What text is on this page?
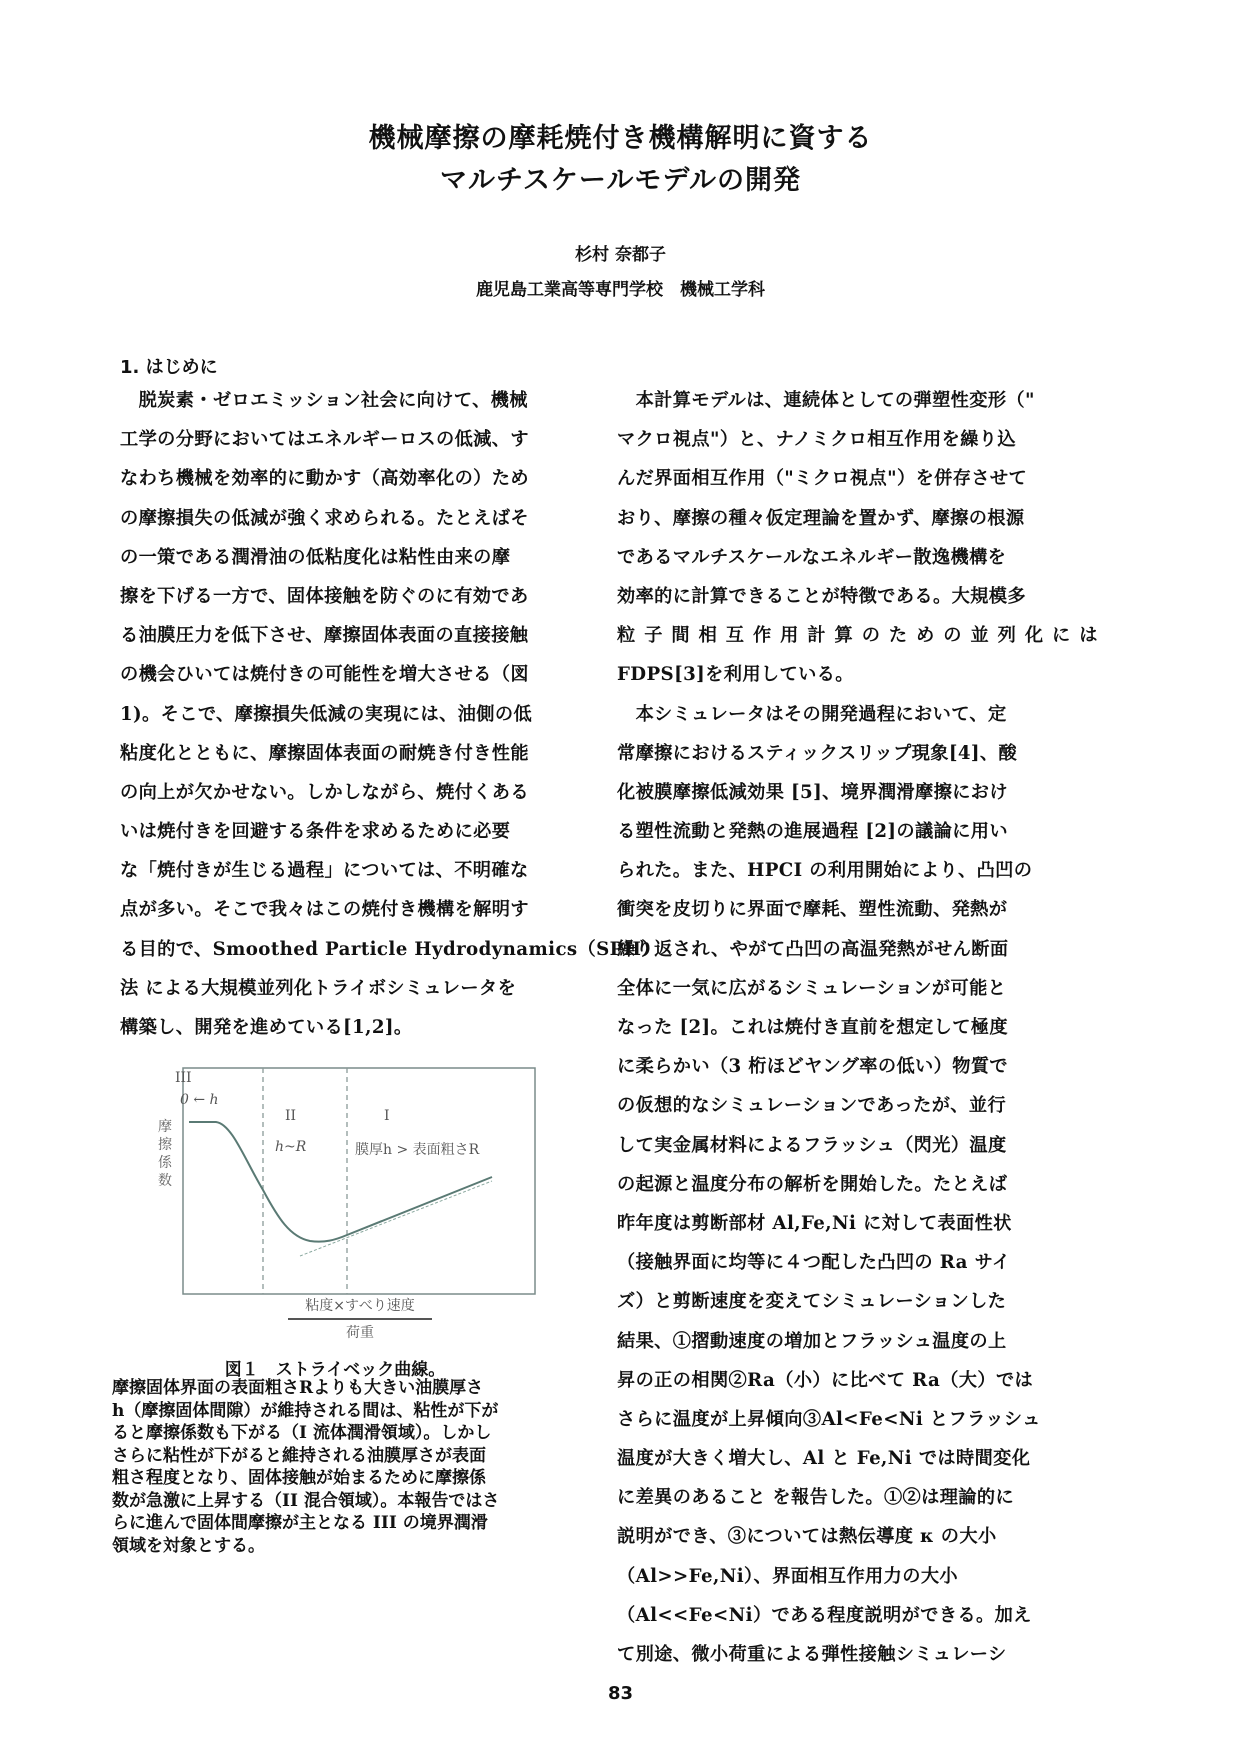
機械摩擦の摩耗焼付き機構解明に資する
マルチスケールモデルの開発
杉村 奈都子
鹿児島工業高等専門学校　機械工学科
1. はじめに
　脱炭素・ゼロエミッション社会に向けて、機械
工学の分野においてはエネルギーロスの低減、す
なわち機械を効率的に動かす（高効率化の）ため
の摩擦損失の低減が強く求められる。たとえばそ
の一策である潤滑油の低粘度化は粘性由来の摩
擦を下げる一方で、固体接触を防ぐのに有効であ
る油膜圧力を低下させ、摩擦固体表面の直接接触
の機会ひいては焼付きの可能性を増大させる（図
1)。そこで、摩擦損失低減の実現には、油側の低
粘度化とともに、摩擦固体表面の耐焼き付き性能
の向上が欠かせない。しかしながら、焼付くある
いは焼付きを回避する条件を求めるために必要
な「焼付きが生じる過程」については、不明確な
点が多い。そこで我々はこの焼付き機構を解明す
る目的で、Smoothed Particle Hydrodynamics（SPH）
法 による大規模並列化トライボシミュレータを
構築し、開発を進めている[1,2]。
III
0 ← h
II
h~R
I
膜厚h > 表面粗さR
摩
擦
係
数
粘度×すべり速度
荷重
図１　ストライベック曲線。
摩擦固体界面の表面粗さRよりも大きい油膜厚さ
h（摩擦固体間隙）が維持される間は、粘性が下が
ると摩擦係数も下がる（I 流体潤滑領域）。しかし
さらに粘性が下がると維持される油膜厚さが表面
粗さ程度となり、固体接触が始まるために摩擦係
数が急激に上昇する（II 混合領域）。本報告ではさ
らに進んで固体間摩擦が主となる III の境界潤滑
領域を対象とする。
　本計算モデルは、連続体としての弾塑性変形（"
マクロ視点"）と、ナノミクロ相互作用を繰り込
んだ界面相互作用（"ミクロ視点"）を併存させて
おり、摩擦の種々仮定理論を置かず、摩擦の根源
であるマルチスケールなエネルギー散逸機構を
効率的に計算できることが特徴である。大規模多
粒子間相互作用計算のための並列化には
FDPS[3]を利用している。
　本シミュレータはその開発過程において、定
常摩擦におけるスティックスリップ現象[4]、酸
化被膜摩擦低減効果 [5]、境界潤滑摩擦におけ
る塑性流動と発熱の進展過程 [2]の議論に用い
られた。また、HPCI の利用開始により、凸凹の
衝突を皮切りに界面で摩耗、塑性流動、発熱が
繰り返され、やがて凸凹の高温発熱がせん断面
全体に一気に広がるシミュレーションが可能と
なった [2]。これは焼付き直前を想定して極度
に柔らかい（3 桁ほどヤング率の低い）物質で
の仮想的なシミュレーションであったが、並行
して実金属材料によるフラッシュ（閃光）温度
の起源と温度分布の解析を開始した。たとえば
昨年度は剪断部材 Al,Fe,Ni に対して表面性状
（接触界面に均等に４つ配した凸凹の Ra サイ
ズ）と剪断速度を変えてシミュレーションした
結果、①摺動速度の増加とフラッシュ温度の上
昇の正の相関②Ra（小）に比べて Ra（大）では
さらに温度が上昇傾向③Al<Fe<Ni とフラッシュ
温度が大きく増大し、Al と Fe,Ni では時間変化
に差異のあること を報告した。①②は理論的に
説明ができ、③については熱伝導度 κ の大小
（Al>>Fe,Ni）、界面相互作用力の大小
（Al<<Fe<Ni）である程度説明ができる。加え
て別途、微小荷重による弾性接触シミュレーシ
83
